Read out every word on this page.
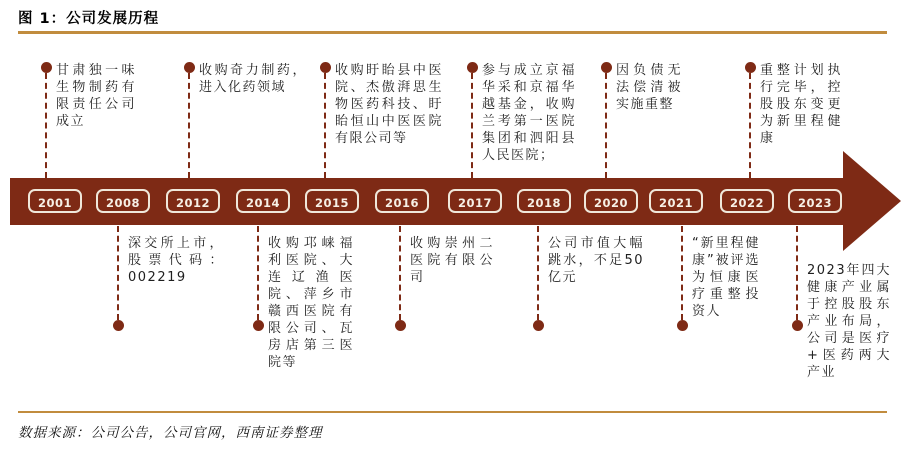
图 1：公司发展历程
2001	2008	2012	2014	2015	2016	2017	2018	2020	2021	2022	2023
甘肃独一味生物制药有限责任公司成立
收购奇力制药，进入化药领域
收购盱眙县中医院、杰傲湃思生物医药科技、盱眙恒山中医医院有限公司等
参与成立京福华采和京福华越基金，收购兰考第一医院集团和泗阳县人民医院；
因负债无法偿清被实施重整
重整计划执行完毕，控股股东变更为新里程健康
深交所上市，股票代码：002219
收购邛崃福利医院、大连辽渔医院、萍乡市赣西医院有限公司、瓦房店第三医院等
收购崇州二医院有限公司
公司市值大幅跳水，不足50亿元
“新里程健康”被评选为恒康医疗重整投资人
2023年四大健康产业属于控股股东产业布局，公司是医疗+医药两大产业
数据来源：公司公告，公司官网，西南证券整理
